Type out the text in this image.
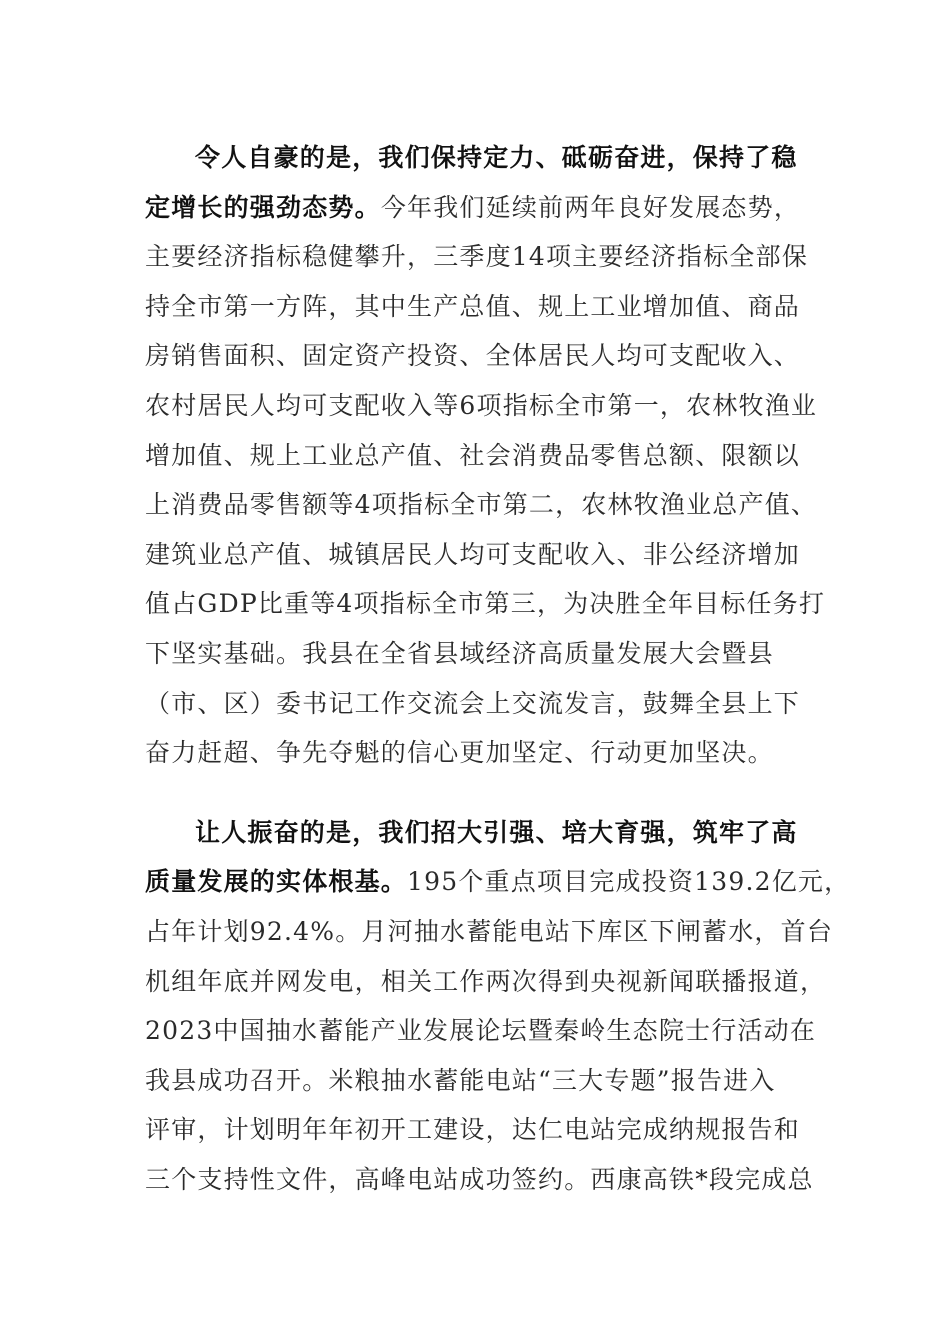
令人自豪的是，我们保持定力、砥砺奋进，保持了稳
定增长的强劲态势。今年我们延续前两年良好发展态势，
主要经济指标稳健攀升，三季度14项主要经济指标全部保
持全市第一方阵，其中生产总值、规上工业增加值、商品
房销售面积、固定资产投资、全体居民人均可支配收入、
农村居民人均可支配收入等6项指标全市第一，农林牧渔业
增加值、规上工业总产值、社会消费品零售总额、限额以
上消费品零售额等4项指标全市第二，农林牧渔业总产值、
建筑业总产值、城镇居民人均可支配收入、非公经济增加
值占GDP比重等4项指标全市第三，为决胜全年目标任务打
下坚实基础。我县在全省县域经济高质量发展大会暨县
（市、区）委书记工作交流会上交流发言，鼓舞全县上下
奋力赶超、争先夺魁的信心更加坚定、行动更加坚决。
让人振奋的是，我们招大引强、培大育强，筑牢了高
质量发展的实体根基。195个重点项目完成投资139.2亿元，
占年计划92.4%。月河抽水蓄能电站下库区下闸蓄水，首台
机组年底并网发电，相关工作两次得到央视新闻联播报道，
2023中国抽水蓄能产业发展论坛暨秦岭生态院士行活动在
我县成功召开。米粮抽水蓄能电站“三大专题”报告进入
评审，计划明年年初开工建设，达仁电站完成纳规报告和
三个支持性文件，高峰电站成功签约。西康高铁*段完成总
